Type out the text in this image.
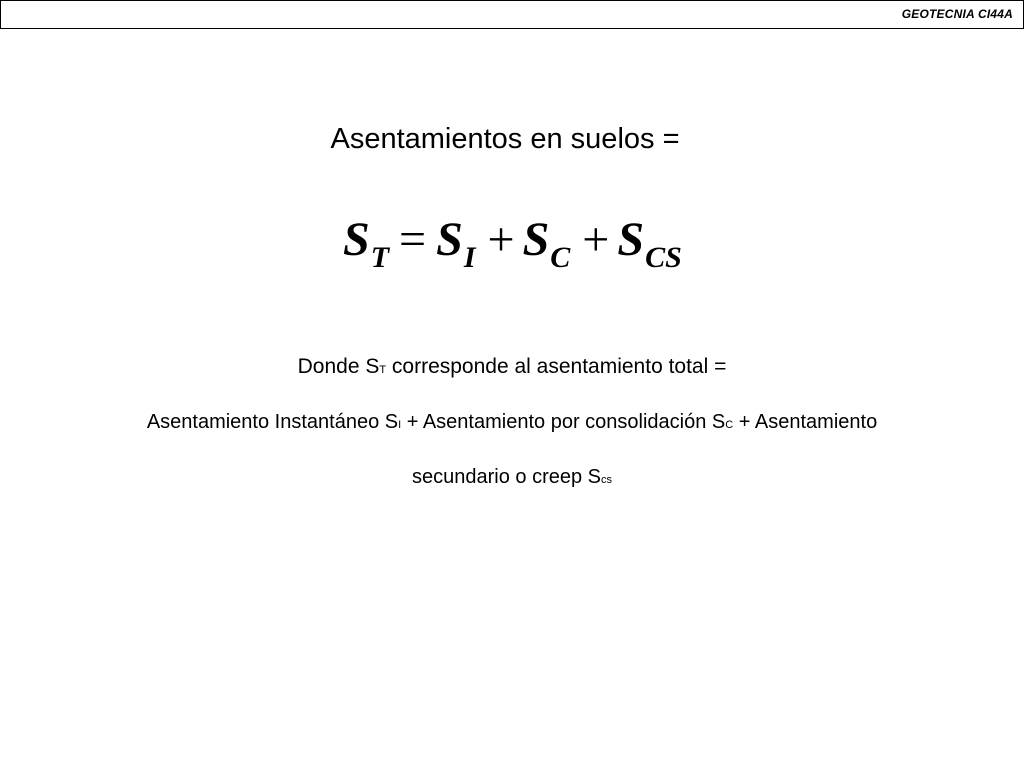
GEOTECNIA CI44A
Asentamientos en suelos =
$S_T = S_I + S_C + S_{CS}$
Donde ST corresponde al asentamiento total =
Asentamiento Instantáneo SI + Asentamiento por consolidación SC + Asentamiento
secundario o creep Scs
